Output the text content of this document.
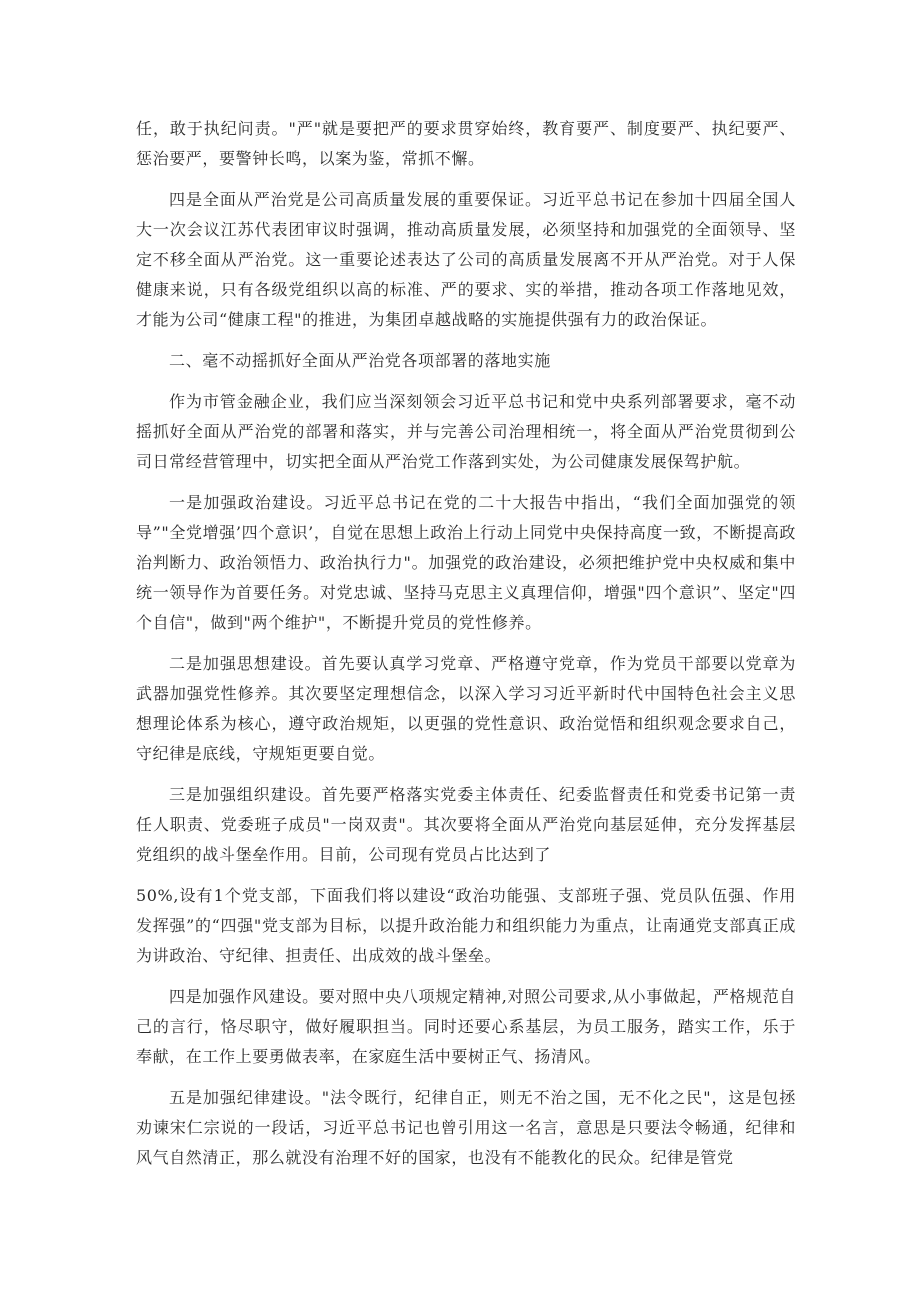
任，敢于执纪问责。"严"就是要把严的要求贯穿始终，教育要严、制度要严、执纪要严、惩治要严，要警钟长鸣，以案为鉴，常抓不懈。

四是全面从严治党是公司高质量发展的重要保证。习近平总书记在参加十四届全国人大一次会议江苏代表团审议时强调，推动高质量发展，必须坚持和加强党的全面领导、坚定不移全面从严治党。这一重要论述表达了公司的高质量发展离不开从严治党。对于人保健康来说，只有各级党组织以高的标准、严的要求、实的举措，推动各项工作落地见效，才能为公司“健康工程"的推进，为集团卓越战略的实施提供强有力的政治保证。

二、毫不动摇抓好全面从严治党各项部署的落地实施

作为市管金融企业，我们应当深刻领会习近平总书记和党中央系列部署要求，毫不动摇抓好全面从严治党的部署和落实，并与完善公司治理相统一，将全面从严治党贯彻到公司日常经营管理中，切实把全面从严治党工作落到实处，为公司健康发展保驾护航。

一是加强政治建设。习近平总书记在党的二十大报告中指出，“我们全面加强党的领导”"全党增强’四个意识’，自觉在思想上政治上行动上同党中央保持高度一致，不断提高政治判断力、政治领悟力、政治执行力"。加强党的政治建设，必须把维护党中央权威和集中统一领导作为首要任务。对党忠诚、坚持马克思主义真理信仰，增强"四个意识”、坚定"四个自信"，做到"两个维护"，不断提升党员的党性修养。

二是加强思想建设。首先要认真学习党章、严格遵守党章，作为党员干部要以党章为武器加强党性修养。其次要坚定理想信念，以深入学习习近平新时代中国特色社会主义思想理论体系为核心，遵守政治规矩，以更强的党性意识、政治觉悟和组织观念要求自己，守纪律是底线，守规矩更要自觉。

三是加强组织建设。首先要严格落实党委主体责任、纪委监督责任和党委书记第一责任人职责、党委班子成员"一岗双责"。其次要将全面从严治党向基层延伸，充分发挥基层党组织的战斗堡垒作用。目前，公司现有党员占比达到了

50%,设有1个党支部，下面我们将以建设“政治功能强、支部班子强、党员队伍强、作用发挥强”的“四强"党支部为目标，以提升政治能力和组织能力为重点，让南通党支部真正成为讲政治、守纪律、担责任、出成效的战斗堡垒。

四是加强作风建设。要对照中央八项规定精神,对照公司要求,从小事做起，严格规范自己的言行，恪尽职守，做好履职担当。同时还要心系基层，为员工服务，踏实工作，乐于奉献，在工作上要勇做表率，在家庭生活中要树正气、扬清风。

五是加强纪律建设。"法令既行，纪律自正，则无不治之国，无不化之民"，这是包拯劝谏宋仁宗说的一段话，习近平总书记也曾引用这一名言，意思是只要法令畅通，纪律和风气自然清正，那么就没有治理不好的国家，也没有不能教化的民众。纪律是管党
